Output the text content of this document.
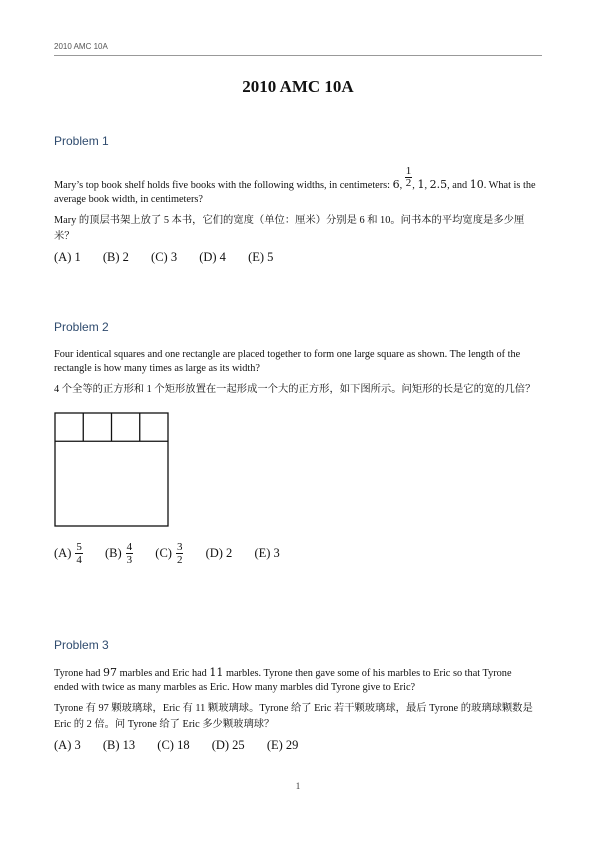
2010 AMC 10A
2010 AMC 10A
Problem 1

Mary’s top book shelf holds five books with the following widths, in centimeters: 6, $\frac{1}{2}$ , 1, 2.5, and 10. What is the average book width, in centimeters?

Mary 的顶层书架上放了 5 本书，它们的宽度（单位：厘米）分别是 6 和 10。问书本的平均宽度是多少厘米？

(A) 1 (B) 2 (C) 3 (D) 4 (E) 5
Problem 2

Four identical squares and one rectangle are placed together to form one large square as shown. The length of the rectangle is how many times as large as its width?

4 个全等的正方形和 1 个矩形放置在一起形成一个大的正方形，如下图所示。问矩形的长是它的宽的几倍？

$(A) \frac{5}{4} (B) \frac{4}{3} (C) \frac{3}{2} (D)$ 2 (E) 3
Problem 3

Tyrone had 97 marbles and Eric had 11 marbles. Tyrone then gave some of his marbles to Eric so that Tyrone ended with twice as many marbles as Eric. How many marbles did Tyrone give to Eric?

Tyrone 有 97 颗玻璃球，Eric 有 11 颗玻璃球。Tyrone 给了 Eric 若干颗玻璃球，最后 Tyrone 的玻璃球颗数是 Eric 的 2 倍。问 Tyrone 给了 Eric 多少颗玻璃球？

(A) 3 (B) 13 (C) 18 (D) 25 (E) 29
1
